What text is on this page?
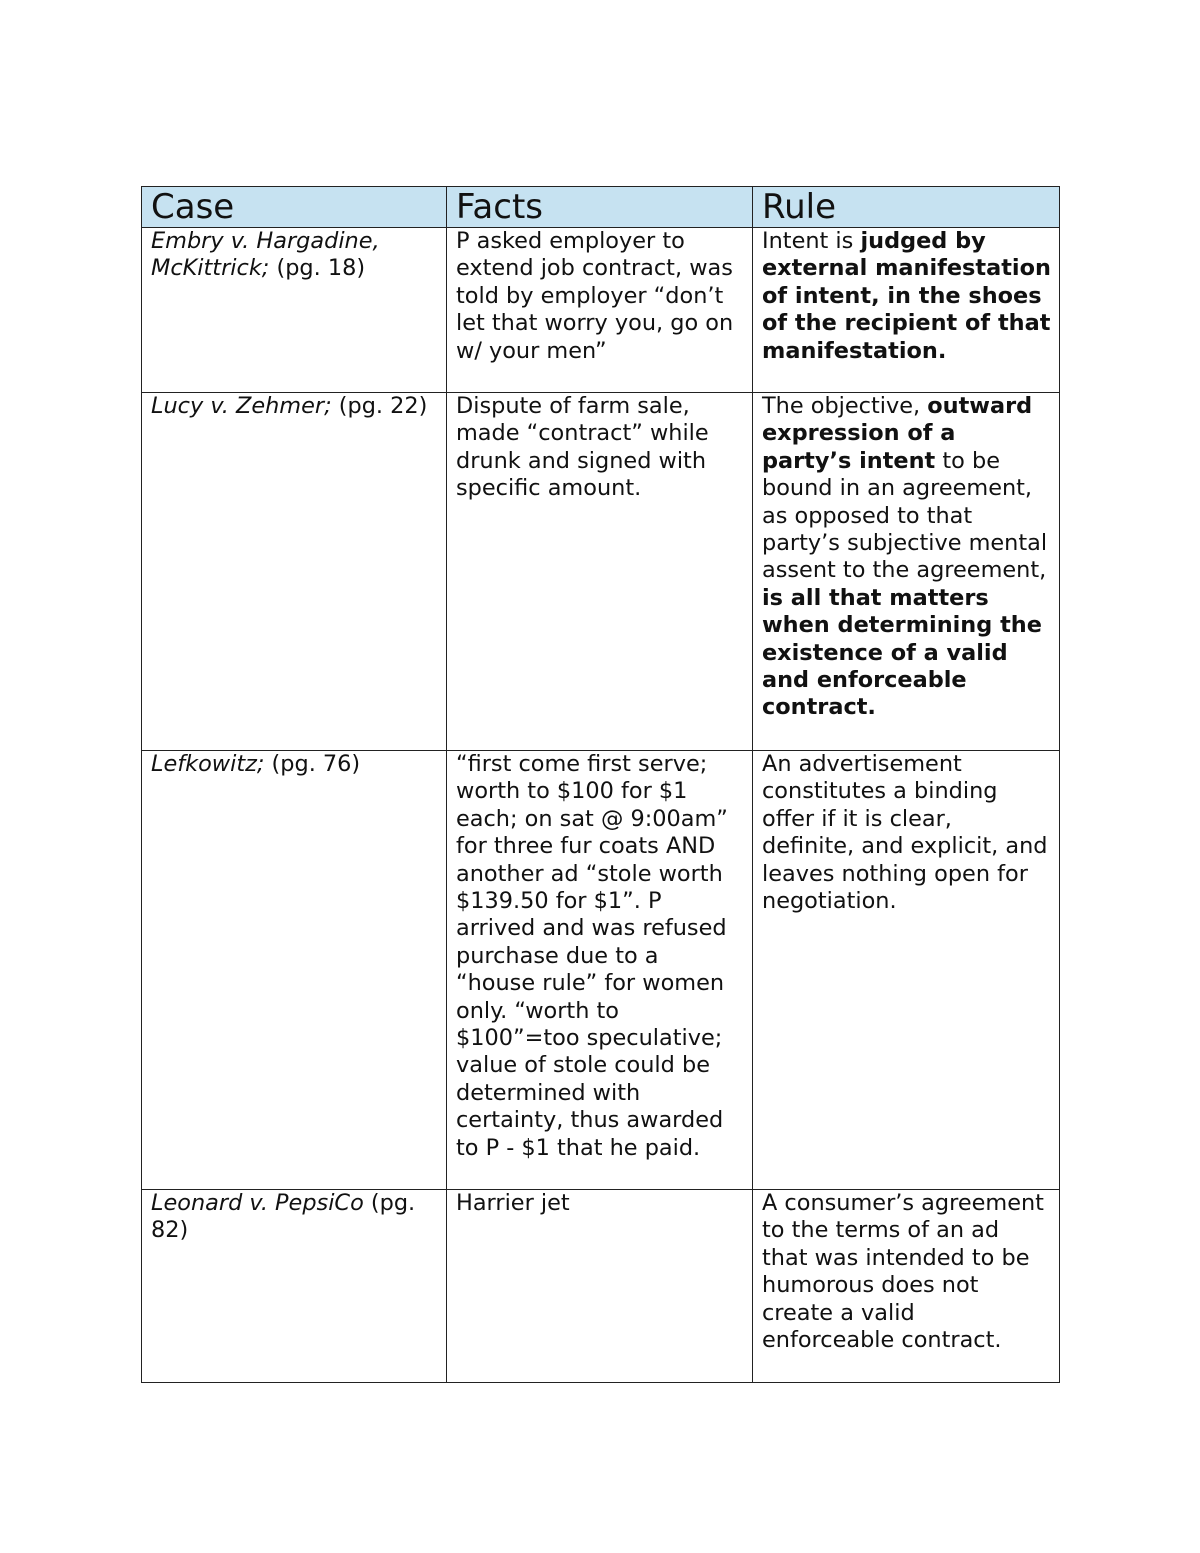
Case	Facts	Rule
Embry v. Hargadine, McKittrick; (pg. 18)	P asked employer to extend job contract, was told by employer “don’t let that worry you, go on w/ your men”	Intent is judged by external manifestation of intent, in the shoes of the recipient of that manifestation.
Lucy v. Zehmer; (pg. 22)	Dispute of farm sale, made “contract” while drunk and signed with specific amount.	The objective, outward expression of a party’s intent to be bound in an agreement, as opposed to that party’s subjective mental assent to the agreement, is all that matters when determining the existence of a valid and enforceable contract.
Lefkowitz; (pg. 76)	“first come first serve; worth to $100 for $1 each; on sat @ 9:00am” for three fur coats AND another ad “stole worth $139.50 for $1”. P arrived and was refused purchase due to a “house rule” for women only. “worth to $100”=too speculative; value of stole could be determined with certainty, thus awarded to P - $1 that he paid.	An advertisement constitutes a binding offer if it is clear, definite, and explicit, and leaves nothing open for negotiation.
Leonard v. PepsiCo (pg. 82)	Harrier jet	A consumer’s agreement to the terms of an ad that was intended to be humorous does not create a valid enforceable contract.
